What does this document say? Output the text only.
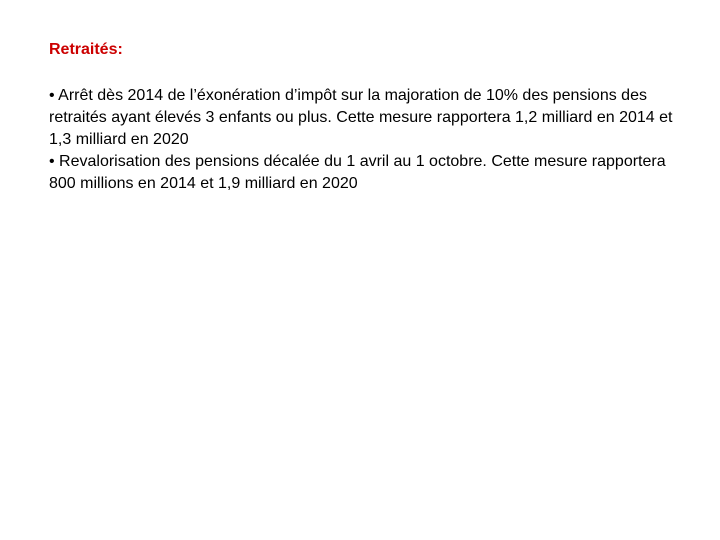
Retraités:

• Arrêt dès 2014 de l’éxonération d’impôt sur la majoration de 10% des pensions des retraités ayant élevés 3 enfants ou plus. Cette mesure rapportera 1,2 milliard en 2014 et 1,3 milliard en 2020

• Revalorisation des pensions décalée du 1 avril au 1 octobre. Cette mesure rapportera 800 millions en 2014 et 1,9 milliard en 2020
